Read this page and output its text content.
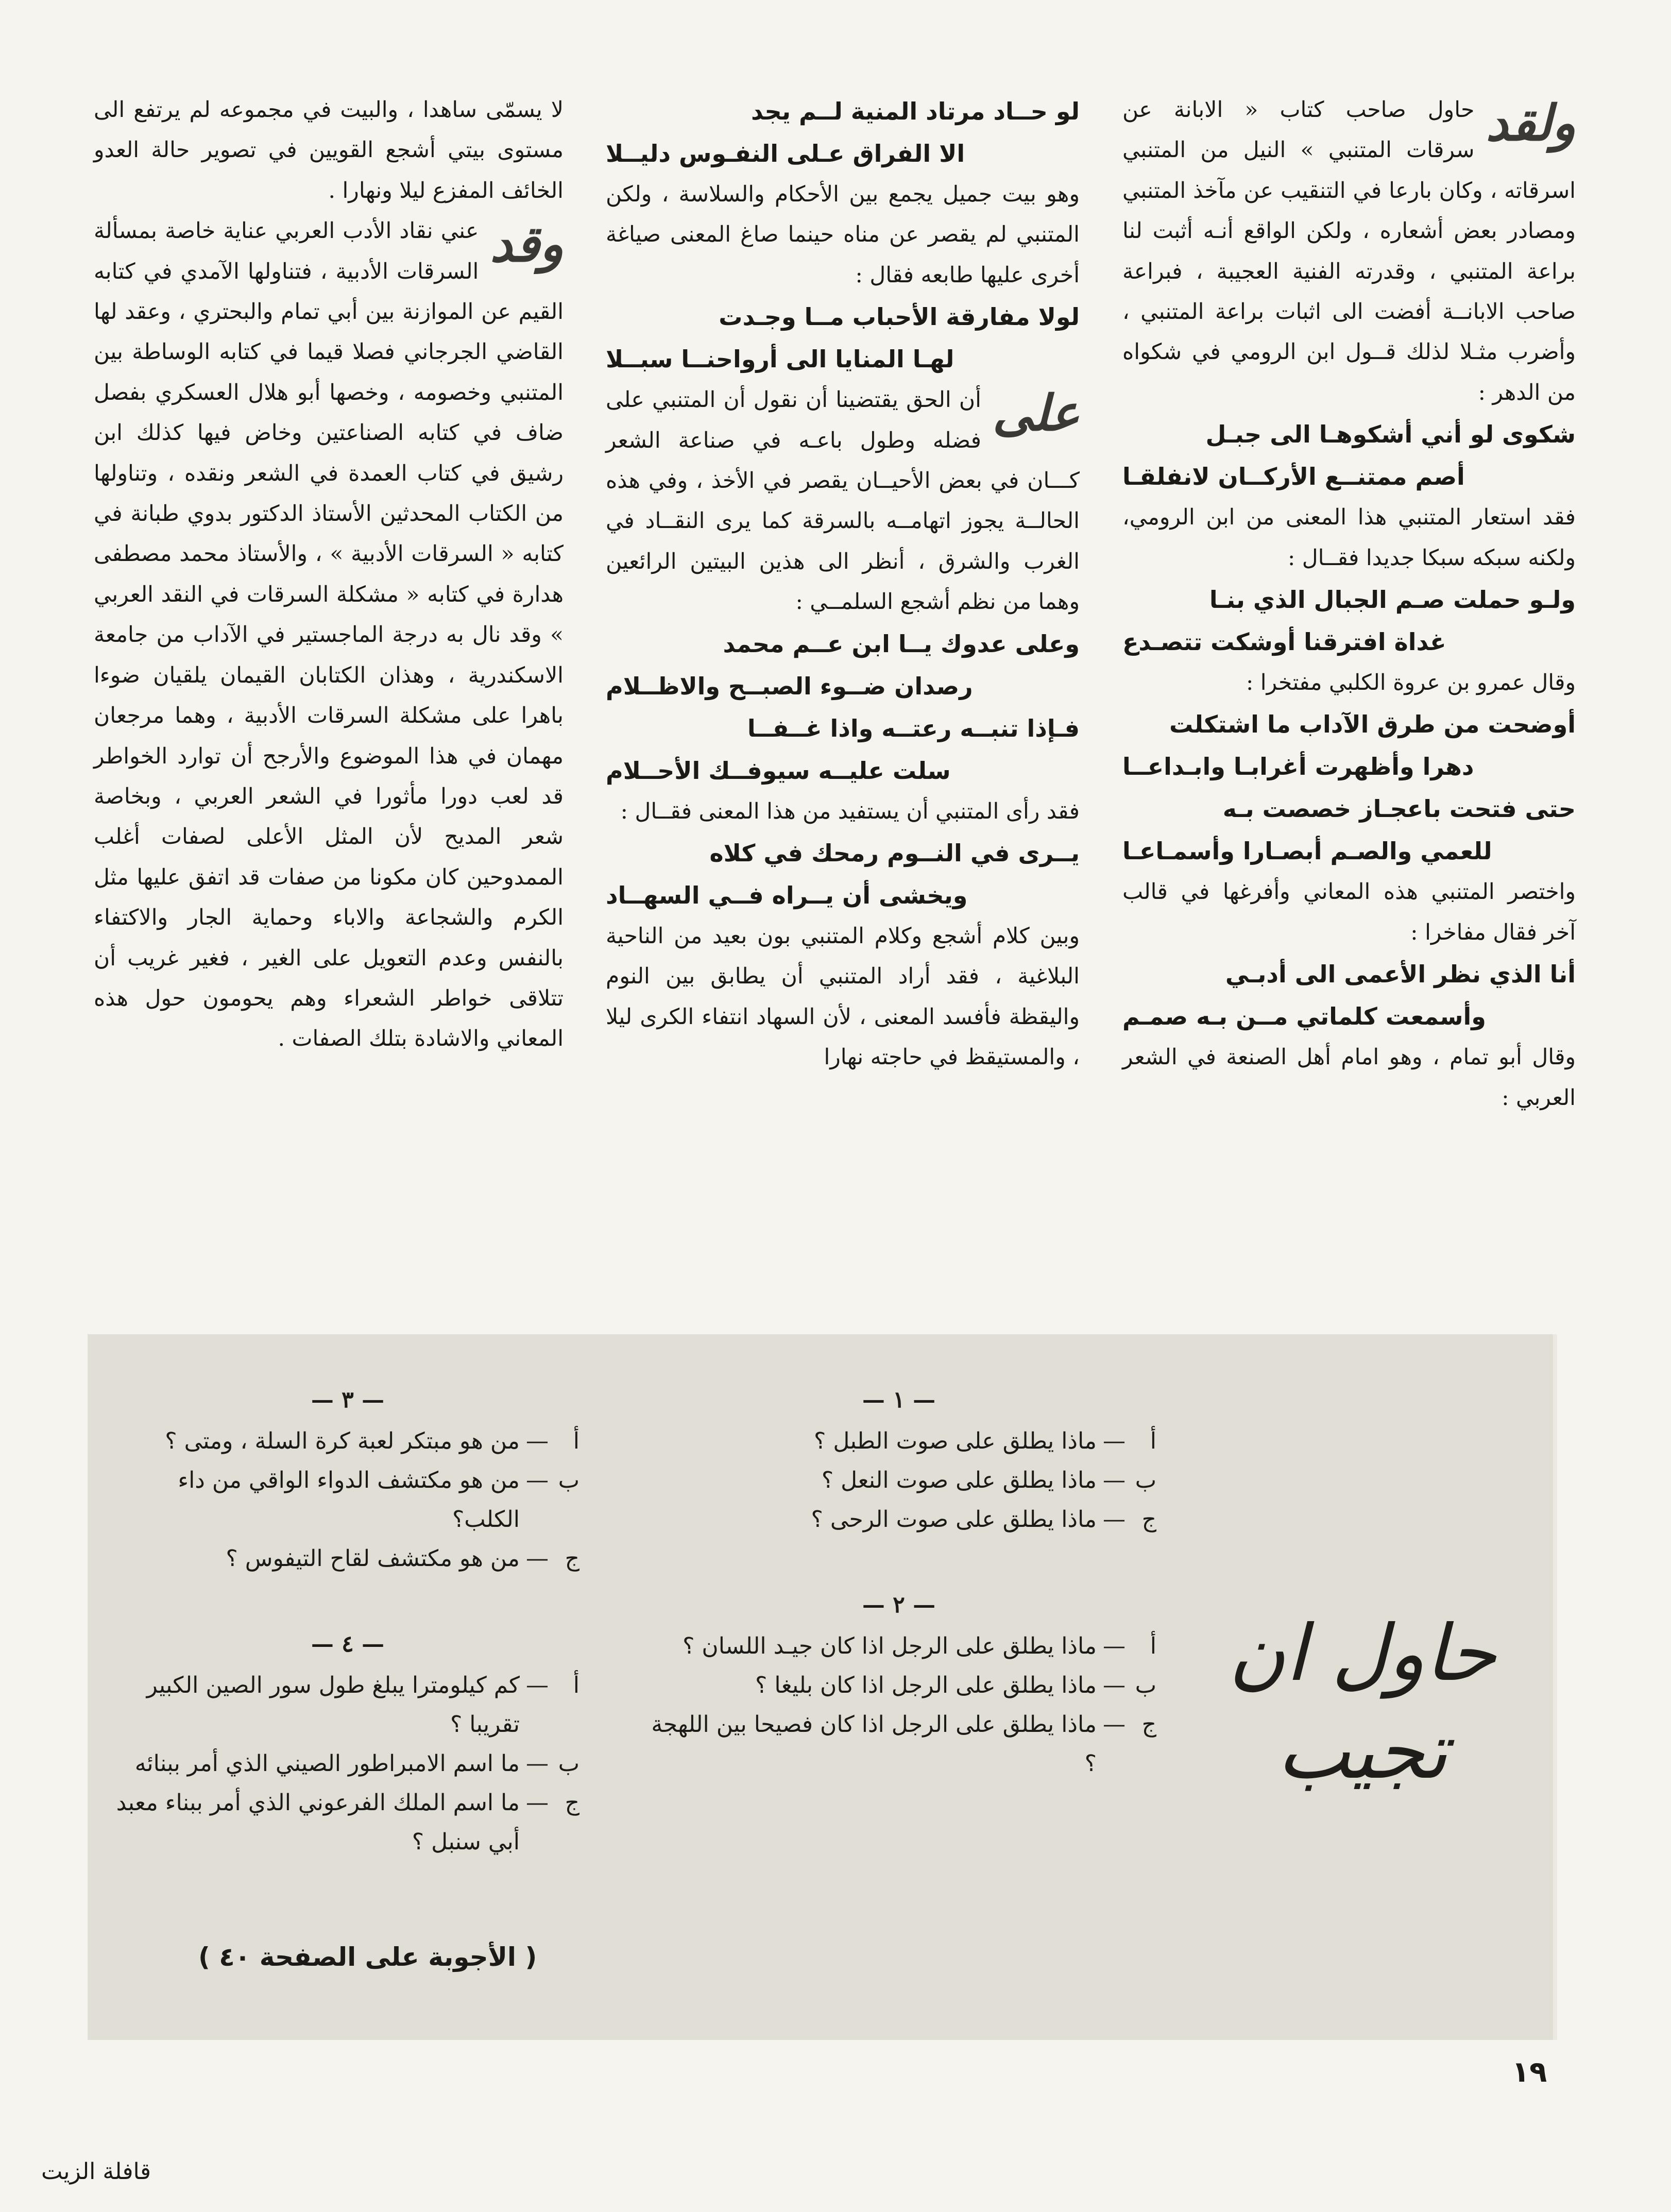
ولقد

حاول صاحب كتاب « الابانة عن سرقات المتنبي » النيل من المتنبي اسرقاته ، وكان بارعا في التنقيب عن مآخذ المتنبي ومصادر بعض أشعاره ، ولكن الواقع أنـه أثبت لنا براعة المتنبي ، وقدرته الفنية العجيبة ، فبراعة صاحب الابانــة أفضت الى اثبات براعة المتنبي ، وأضرب مثـلا لذلك قــول ابن الرومي في شكواه من الدهر :

شكوى لو أني أشكوهـا الى جبـل

أصم ممتنــع الأركــان لانفلقـا

فقد استعار المتنبي هذا المعنى من ابن الرومي، ولكنه سبكه سبكا جديدا فقــال :

ولـو حملت صـم الجبال الذي بنـا

غداة افترقنا أوشكت تتصـدع

وقال عمرو بن عروة الكلبي مفتخرا :

أوضحت من طرق الآداب ما اشتكلت

دهرا وأظهرت أغرابـا وابـداعــا

حتى فتحت باعجـاز خصصت بـه

للعمي والصـم أبصـارا وأسمـاعـا

واختصر المتنبي هذه المعاني وأفرغها في قالب آخر فقال مفاخرا :

أنا الذي نظر الأعمى الى أدبـي

وأسمعت كلماتي مــن بـه صمـم

وقال أبو تمام ، وهو امام أهل الصنعة في الشعر العربي :

لو حــاد مرتاد المنية لــم يجد

الا الفراق عـلى النفـوس دليــلا

وهو بيت جميل يجمع بين الأحكام والسلاسة ، ولكن المتنبي لم يقصر عن مناه حينما صاغ المعنى صياغة أخرى عليها طابعه فقال :

لولا مفارقة الأحباب مــا وجـدت

لهـا المنايا الى أرواحنــا سبــلا

على

أن الحق يقتضينا أن نقول أن المتنبي على فضله وطول باعـه في صناعة الشعر كـــان في بعض الأحيــان يقصر في الأخذ ، وفي هذه الحالــة يجوز اتهامــه بالسرقة كما يرى النقــاد في الغرب والشرق ، أنظر الى هذين البيتين الرائعين وهما من نظم أشجع السلمــي :

وعلى عدوك يــا ابن عــم محمد

رصدان ضــوء الصبــح والاظــلام

فـإذا تنبــه رعتــه واذا غــفــا

سلت عليــه سيوفــك الأحــلام

فقد رأى المتنبي أن يستفيد من هذا المعنى فقــال :

يــرى في النــوم رمحك في كلاه

ويخشى أن يــراه فــي السهــاد

وبين كلام أشجع وكلام المتنبي بون بعيد من الناحية البلاغية ، فقد أراد المتنبي أن يطابق بين النوم واليقظة فأفسد المعنى ، لأن السهاد انتفاء الكرى ليلا ، والمستيقظ في حاجته نهارا

لا يسمّى ساهدا ، والبيت في مجموعه لم يرتفع الى مستوى بيتي أشجع القويين في تصوير حالة العدو الخائف المفزع ليلا ونهارا .

وقد

عني نقاد الأدب العربي عناية خاصة بمسألة السرقات الأدبية ، فتناولها الآمدي في كتابه القيم عن الموازنة بين أبي تمام والبحتري ، وعقد لها القاضي الجرجاني فصلا قيما في كتابه الوساطة بين المتنبي وخصومه ، وخصها أبو هلال العسكري بفصل ضاف في كتابه الصناعتين وخاض فيها كذلك ابن رشيق في كتاب العمدة في الشعر ونقده ، وتناولها من الكتاب المحدثين الأستاذ الدكتور بدوي طبانة في كتابه « السرقات الأدبية » ، والأستاذ محمد مصطفى هدارة في كتابه « مشكلة السرقات في النقد العربي » وقد نال به درجة الماجستير في الآداب من جامعة الاسكندرية ، وهذان الكتابان القيمان يلقيان ضوءا باهرا على مشكلة السرقات الأدبية ، وهما مرجعان مهمان في هذا الموضوع والأرجح أن توارد الخواطر قد لعب دورا مأثورا في الشعر العربي ، وبخاصة شعر المديح لأن المثل الأعلى لصفات أغلب الممدوحين كان مكونا من صفات قد اتفق عليها مثل الكرم والشجاعة والاباء وحماية الجار والاكتفاء بالنفس وعدم التعويل على الغير ، فغير غريب أن تتلاقى خواطر الشعراء وهم يحومون حول هذه المعاني والاشادة بتلك الصفات .

حاول ان تجيب
— ١ —
أ
—
ماذا يطلق على صوت الطبل ؟
ب
—
ماذا يطلق على صوت النعل ؟
ج
—
ماذا يطلق على صوت الرحى ؟
— ٢ —
أ
—
ماذا يطلق على الرجل اذا كان جيـد اللسان ؟
ب
—
ماذا يطلق على الرجل اذا كان بليغا ؟
ج
—
ماذا يطلق على الرجل اذا كان فصيحا بين اللهجة ؟
— ٣ —
أ
—
من هو مبتكر لعبة كرة السلة ، ومتى ؟
ب
—
من هو مكتشف الدواء الواقي من داء الكلب؟
ج
—
من هو مكتشف لقاح التيفوس ؟
— ٤ —
أ
—
كم كيلومترا يبلغ طول سور الصين الكبير تقريبا ؟
ب
—
ما اسم الامبراطور الصيني الذي أمر ببنائه
ج
—
ما اسم الملك الفرعوني الذي أمر ببناء معبد أبي سنبل ؟
( الأجوبة على الصفحة ٤٠ )
١٩
قافلة الزيت
